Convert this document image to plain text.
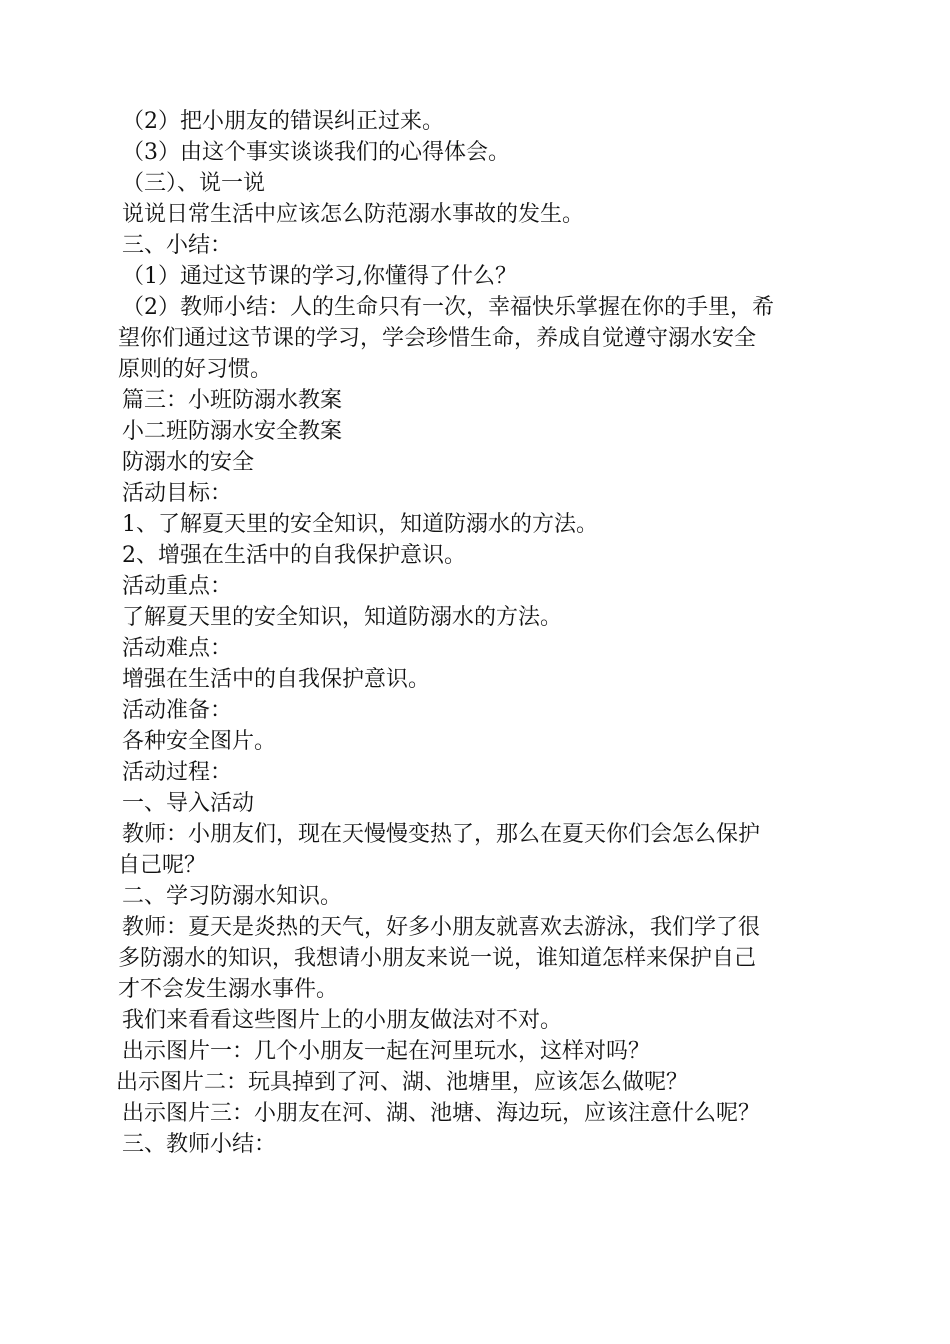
（2）把小朋友的错误纠正过来。
（3）由这个事实谈谈我们的心得体会。
（三）、说一说
说说日常生活中应该怎么防范溺水事故的发生。
三、小结：
（1）通过这节课的学习,你懂得了什么？
（2）教师小结：人的生命只有一次，幸福快乐掌握在你的手里，希
望你们通过这节课的学习，学会珍惜生命，养成自觉遵守溺水安全
原则的好习惯。
篇三：小班防溺水教案
小二班防溺水安全教案
防溺水的安全
活动目标：
1、了解夏天里的安全知识，知道防溺水的方法。
2、增强在生活中的自我保护意识。
活动重点：
了解夏天里的安全知识，知道防溺水的方法。
活动难点：
增强在生活中的自我保护意识。
活动准备：
各种安全图片。
活动过程：
一、导入活动
教师：小朋友们，现在天慢慢变热了，那么在夏天你们会怎么保护
自己呢？
二、学习防溺水知识。
教师：夏天是炎热的天气，好多小朋友就喜欢去游泳，我们学了很
多防溺水的知识，我想请小朋友来说一说，谁知道怎样来保护自己
才不会发生溺水事件。
我们来看看这些图片上的小朋友做法对不对。
出示图片一：几个小朋友一起在河里玩水，这样对吗？
出示图片二：玩具掉到了河、湖、池塘里，应该怎么做呢？
出示图片三：小朋友在河、湖、池塘、海边玩，应该注意什么呢？
三、教师小结：
